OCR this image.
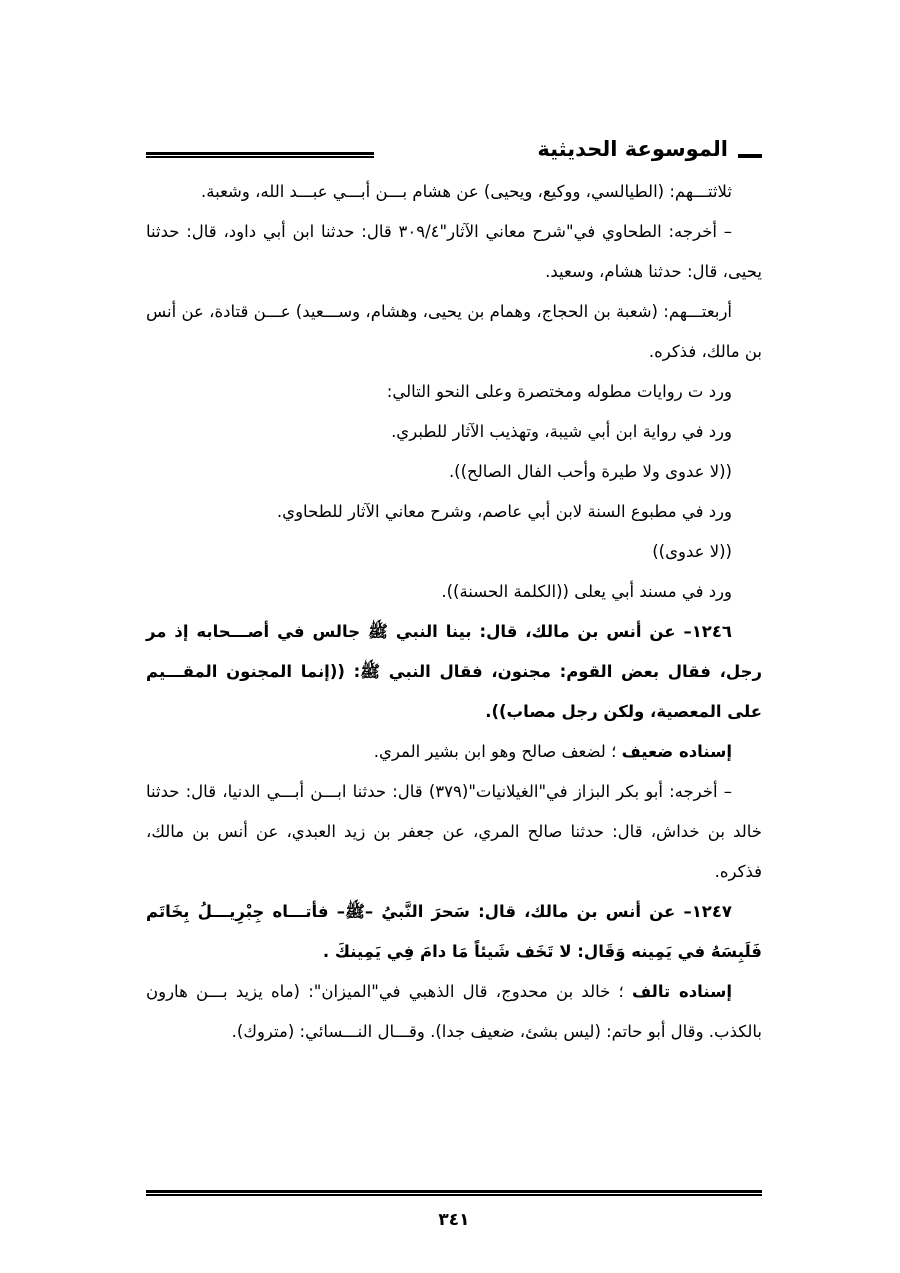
الموسوعة الحديثية

ثلاثتـــهم: (الطيالسي، ووكيع، ويحيى) عن هشام بـــن أبـــي عبـــد الله، وشعبة.

– أخرجه: الطحاوي في"شرح معاني الآثار"٣٠٩/٤ قال: حدثنا ابن أبي داود، قال: حدثنا يحيى، قال: حدثنا هشام، وسعيد.

أربعتـــهم: (شعبة بن الحجاج، وهمام بن يحيى، وهشام، وســـعيد) عـــن قتادة، عن أنس بن مالك، فذكره.

ورد ت روايات مطوله ومختصرة وعلى النحو التالي:

ورد في رواية ابن أبي شيبة، وتهذيب الآثار للطبري.

((لا عدوى ولا طيرة وأحب الفال الصالح)).

ورد في مطبوع السنة لابن أبي عاصم، وشرح معاني الآثار للطحاوي.

((لا عدوى))

ورد في مسند أبي يعلى ((الكلمة الحسنة)).

١٢٤٦– عن أنس بن مالك، قال: بينا النبي ﷺ جالس في أصـــحابه إذ مر رجل، فقال بعض القوم: مجنون، فقال النبي ﷺ: ((إنما المجنون المقـــيم على المعصية، ولكن رجل مصاب)).

إسناده ضعيف ؛ لضعف صالح وهو ابن بشير المري.

– أخرجه: أبو بكر البزاز في"الغيلانيات"(٣٧٩) قال: حدثنا ابـــن أبـــي الدنيا، قال: حدثنا خالد بن خداش، قال: حدثنا صالح المري، عن جعفر بن زيد العبدي، عن أنس بن مالك، فذكره.

١٢٤٧– عن أنس بن مالك، قال: سَحرَ النَّبيُ –ﷺ– فأتـــاه جِبْرِيـــلُ بِخَاتَم فَلَبِسَهُ في يَمِينه وَقَال: لا تَخَف شَيئاً مَا دامَ فِي يَمِينكَ .

إسناده تالف ؛ خالد بن محدوج، قال الذهبي في"الميزان": (ماه يزيد بـــن هارون بالكذب. وقال أبو حاتم: (ليس بشئ، ضعيف جدا). وقـــال النـــسائي: (متروك).

٣٤١
